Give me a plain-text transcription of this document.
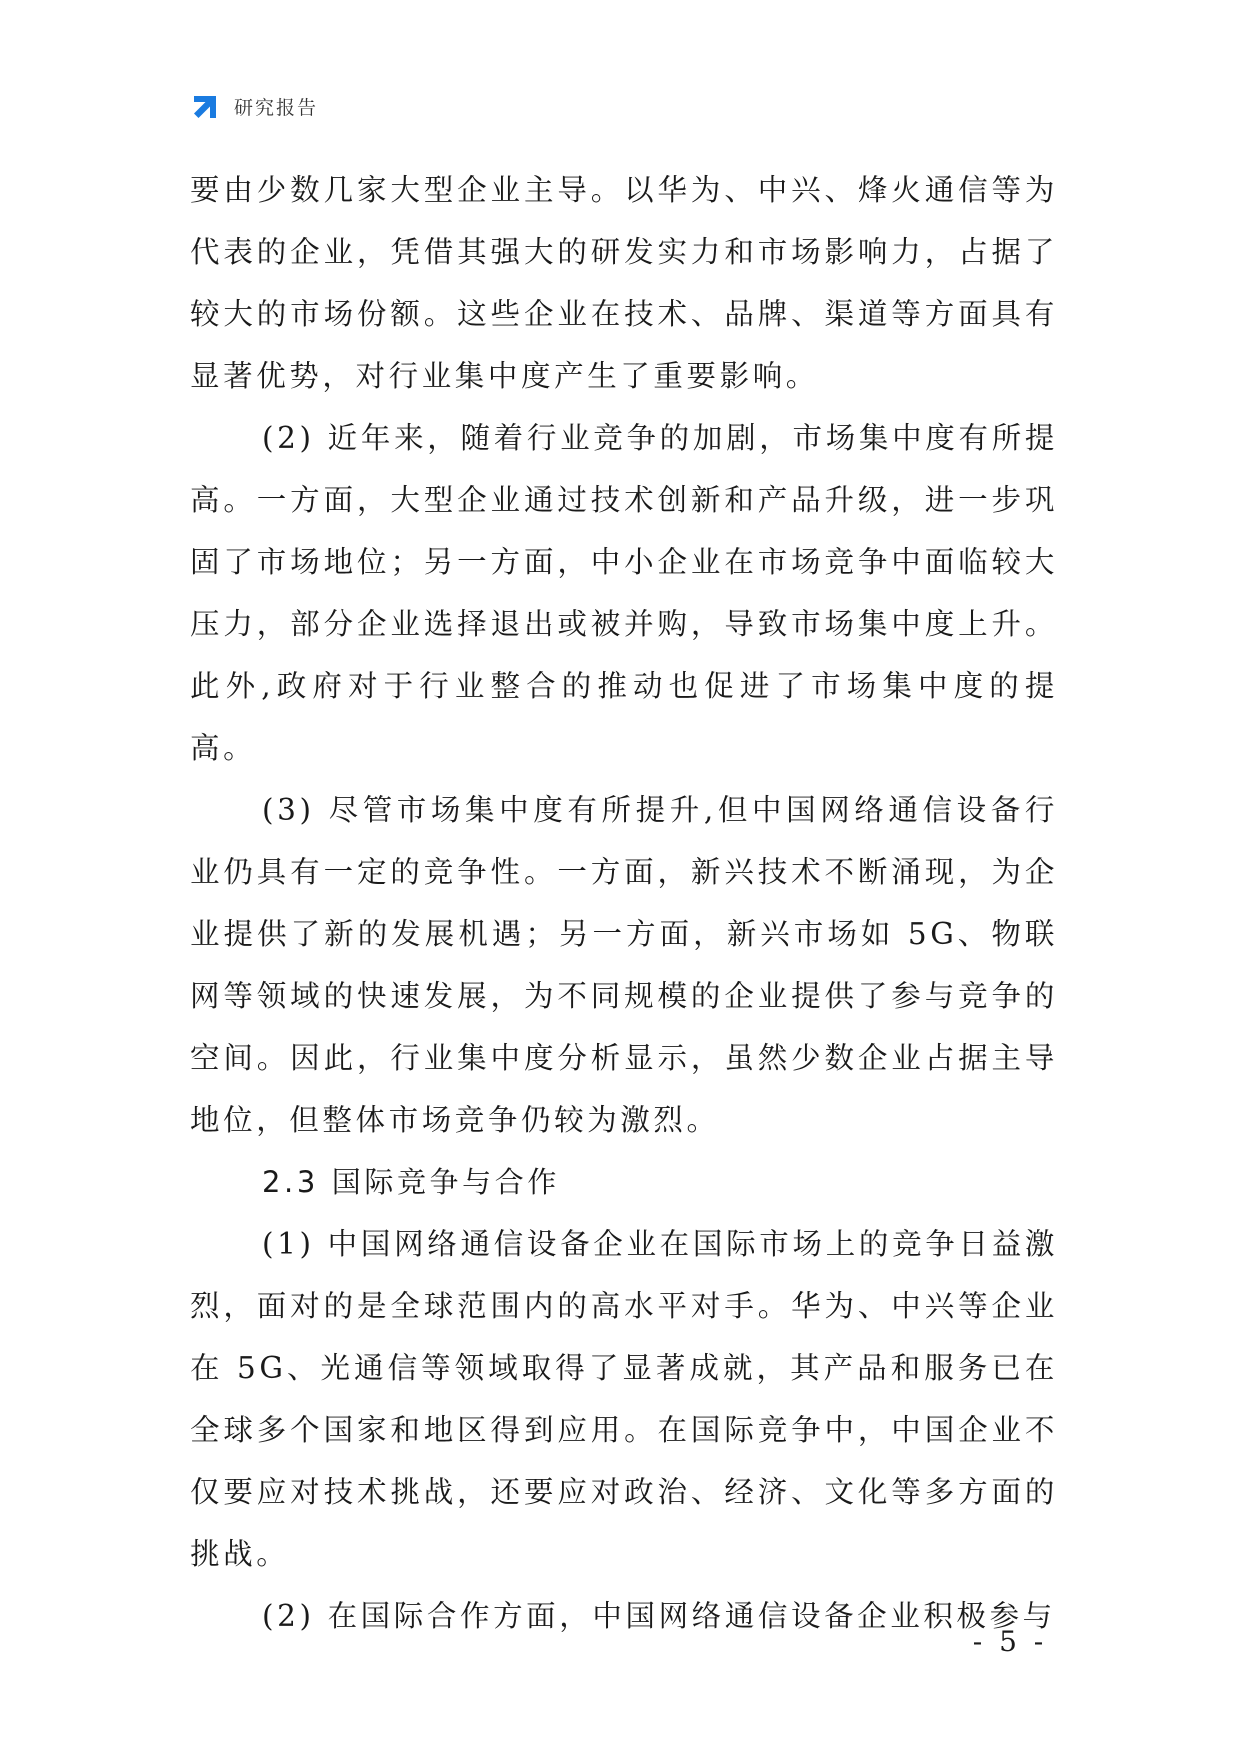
研究报告

要由少数几家大型企业主导。以华为、中兴、烽火通信等为代表的企业，凭借其强大的研发实力和市场影响力，占据了较大的市场份额。这些企业在技术、品牌、渠道等方面具有显著优势，对行业集中度产生了重要影响。

(2) 近年来，随着行业竞争的加剧，市场集中度有所提高。一方面，大型企业通过技术创新和产品升级，进一步巩固了市场地位；另一方面，中小企业在市场竞争中面临较大压力，部分企业选择退出或被并购，导致市场集中度上升。此外,政府对于行业整合的推动也促进了市场集中度的提高。

(3) 尽管市场集中度有所提升,但中国网络通信设备行业仍具有一定的竞争性。一方面，新兴技术不断涌现，为企业提供了新的发展机遇；另一方面，新兴市场如 5G、物联网等领域的快速发展，为不同规模的企业提供了参与竞争的空间。因此，行业集中度分析显示，虽然少数企业占据主导地位，但整体市场竞争仍较为激烈。

2.3 国际竞争与合作

(1) 中国网络通信设备企业在国际市场上的竞争日益激烈，面对的是全球范围内的高水平对手。华为、中兴等企业在 5G、光通信等领域取得了显著成就，其产品和服务已在全球多个国家和地区得到应用。在国际竞争中，中国企业不仅要应对技术挑战，还要应对政治、经济、文化等多方面的挑战。

(2) 在国际合作方面，中国网络通信设备企业积极参与

- 5 -
